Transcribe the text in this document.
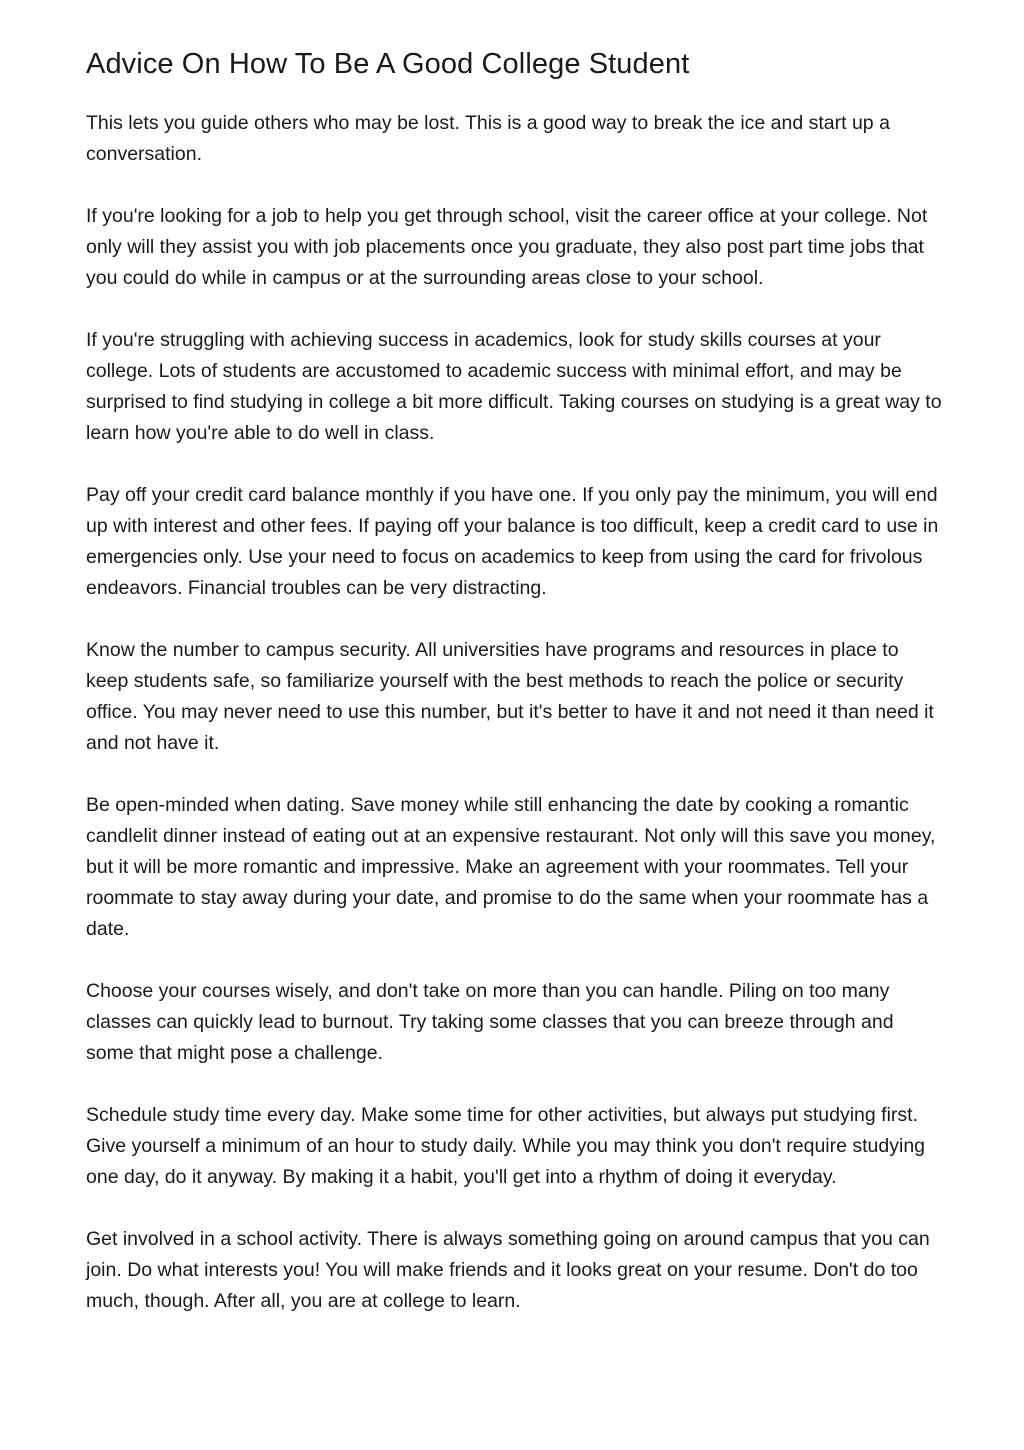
Advice On How To Be A Good College Student

This lets you guide others who may be lost. This is a good way to break the ice and start up a conversation.

If you're looking for a job to help you get through school, visit the career office at your college. Not only will they assist you with job placements once you graduate, they also post part time jobs that you could do while in campus or at the surrounding areas close to your school.

If you're struggling with achieving success in academics, look for study skills courses at your college. Lots of students are accustomed to academic success with minimal effort, and may be surprised to find studying in college a bit more difficult. Taking courses on studying is a great way to learn how you're able to do well in class.

Pay off your credit card balance monthly if you have one. If you only pay the minimum, you will end up with interest and other fees. If paying off your balance is too difficult, keep a credit card to use in emergencies only. Use your need to focus on academics to keep from using the card for frivolous endeavors. Financial troubles can be very distracting.

Know the number to campus security. All universities have programs and resources in place to keep students safe, so familiarize yourself with the best methods to reach the police or security office. You may never need to use this number, but it's better to have it and not need it than need it and not have it.

Be open-minded when dating. Save money while still enhancing the date by cooking a romantic candlelit dinner instead of eating out at an expensive restaurant. Not only will this save you money, but it will be more romantic and impressive. Make an agreement with your roommates. Tell your roommate to stay away during your date, and promise to do the same when your roommate has a date.

Choose your courses wisely, and don't take on more than you can handle. Piling on too many classes can quickly lead to burnout. Try taking some classes that you can breeze through and some that might pose a challenge.

Schedule study time every day. Make some time for other activities, but always put studying first. Give yourself a minimum of an hour to study daily. While you may think you don't require studying one day, do it anyway. By making it a habit, you'll get into a rhythm of doing it everyday.

Get involved in a school activity. There is always something going on around campus that you can join. Do what interests you! You will make friends and it looks great on your resume. Don't do too much, though. After all, you are at college to learn.
